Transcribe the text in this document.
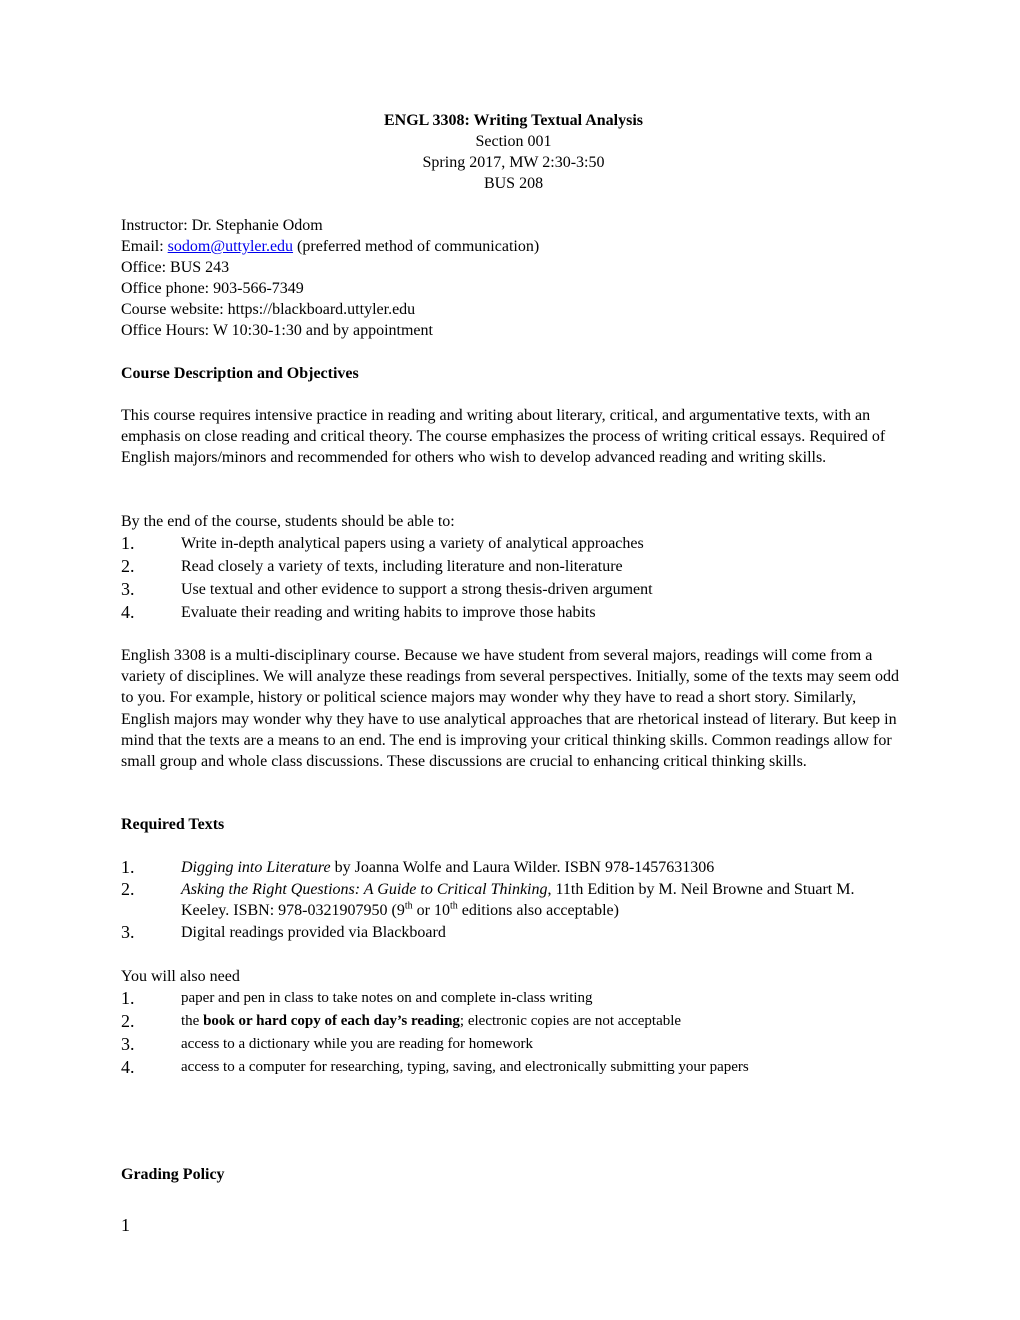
ENGL 3308: Writing Textual Analysis
Section 001
Spring 2017, MW 2:30-3:50
BUS 208
Instructor: Dr. Stephanie Odom
Email: sodom@uttyler.edu (preferred method of communication)
Office: BUS 243
Office phone: 903-566-7349
Course website: https://blackboard.uttyler.edu
Office Hours: W 10:30-1:30 and by appointment
Course Description and Objectives
This course requires intensive practice in reading and writing about literary, critical, and argumentative texts, with an emphasis on close reading and critical theory. The course emphasizes the process of writing critical essays. Required of English majors/minors and recommended for others who wish to develop advanced reading and writing skills.
By the end of the course, students should be able to:
1.	Write in-depth analytical papers using a variety of analytical approaches
2.	Read closely a variety of texts, including literature and non-literature
3.	Use textual and other evidence to support a strong thesis-driven argument
4.	Evaluate their reading and writing habits to improve those habits
English 3308 is a multi-disciplinary course. Because we have student from several majors, readings will come from a variety of disciplines. We will analyze these readings from several perspectives. Initially, some of the texts may seem odd to you. For example, history or political science majors may wonder why they have to read a short story. Similarly, English majors may wonder why they have to use analytical approaches that are rhetorical instead of literary. But keep in mind that the texts are a means to an end. The end is improving your critical thinking skills. Common readings allow for small group and whole class discussions. These discussions are crucial to enhancing critical thinking skills.
Required Texts
1.	Digging into Literature by Joanna Wolfe and Laura Wilder. ISBN 978-1457631306
2.	Asking the Right Questions: A Guide to Critical Thinking, 11th Edition by M. Neil Browne and Stuart M. Keeley. ISBN: 978-0321907950 (9th or 10th editions also acceptable)
3.	Digital readings provided via Blackboard
You will also need
1.	paper and pen in class to take notes on and complete in-class writing
2.	the book or hard copy of each day’s reading; electronic copies are not acceptable
3.	access to a dictionary while you are reading for homework
4.	access to a computer for researching, typing, saving, and electronically submitting your papers
Grading Policy
1
